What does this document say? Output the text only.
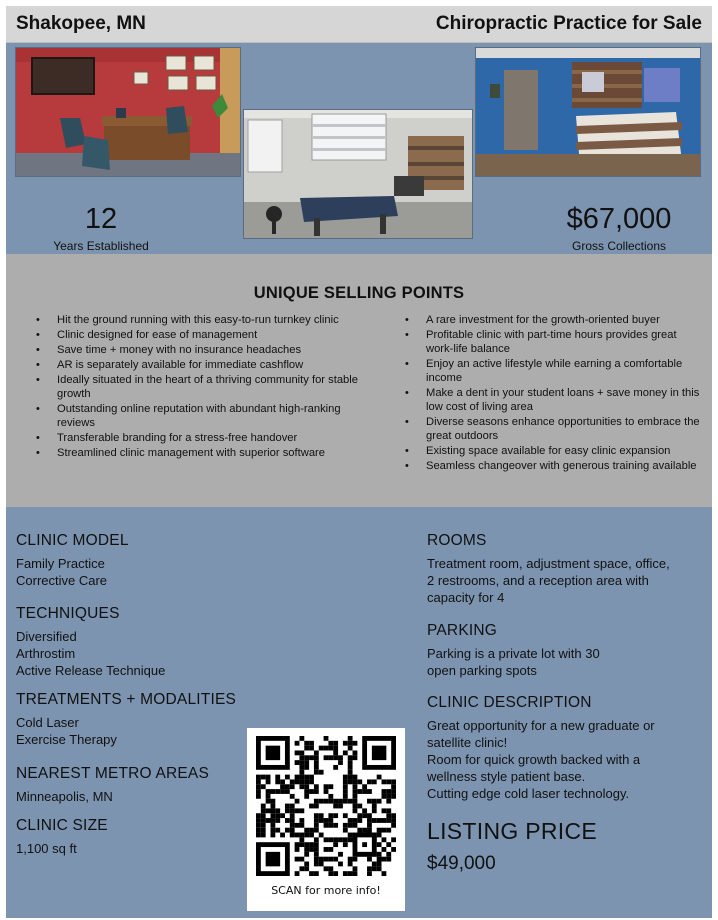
Shakopee, MN	Chiropractic Practice for Sale
12
Years Established
$67,000
Gross Collections
UNIQUE SELLING POINTS
• Hit the ground running with this easy-to-run turnkey clinic
• Clinic designed for ease of management
• Save time + money with no insurance headaches
• AR is separately available for immediate cashflow
• Ideally situated in the heart of a thriving community for stable growth
• Outstanding online reputation with abundant high-ranking reviews
• Transferable branding for a stress-free handover
• Streamlined clinic management with superior software
• A rare investment for the growth-oriented buyer
• Profitable clinic with part-time hours provides great work-life balance
• Enjoy an active lifestyle while earning a comfortable income
• Make a dent in your student loans + save money in this low cost of living area
• Diverse seasons enhance opportunities to embrace the great outdoors
• Existing space available for easy clinic expansion
• Seamless changeover with generous training available
CLINIC MODEL
Family Practice
Corrective Care
TECHNIQUES
Diversified
Arthrostim
Active Release Technique
TREATMENTS + MODALITIES
Cold Laser
Exercise Therapy
NEAREST METRO AREAS
Minneapolis, MN
CLINIC SIZE
1,100 sq ft
ROOMS
Treatment room, adjustment space, office,
2 restrooms, and a reception area with
capacity for 4
PARKING
Parking is a private lot with 30
open parking spots
CLINIC DESCRIPTION
Great opportunity for a new graduate or
satellite clinic!
Room for quick growth backed with a
wellness style patient base.
Cutting edge cold laser technology.
LISTING PRICE
$49,000
SCAN for more info!
